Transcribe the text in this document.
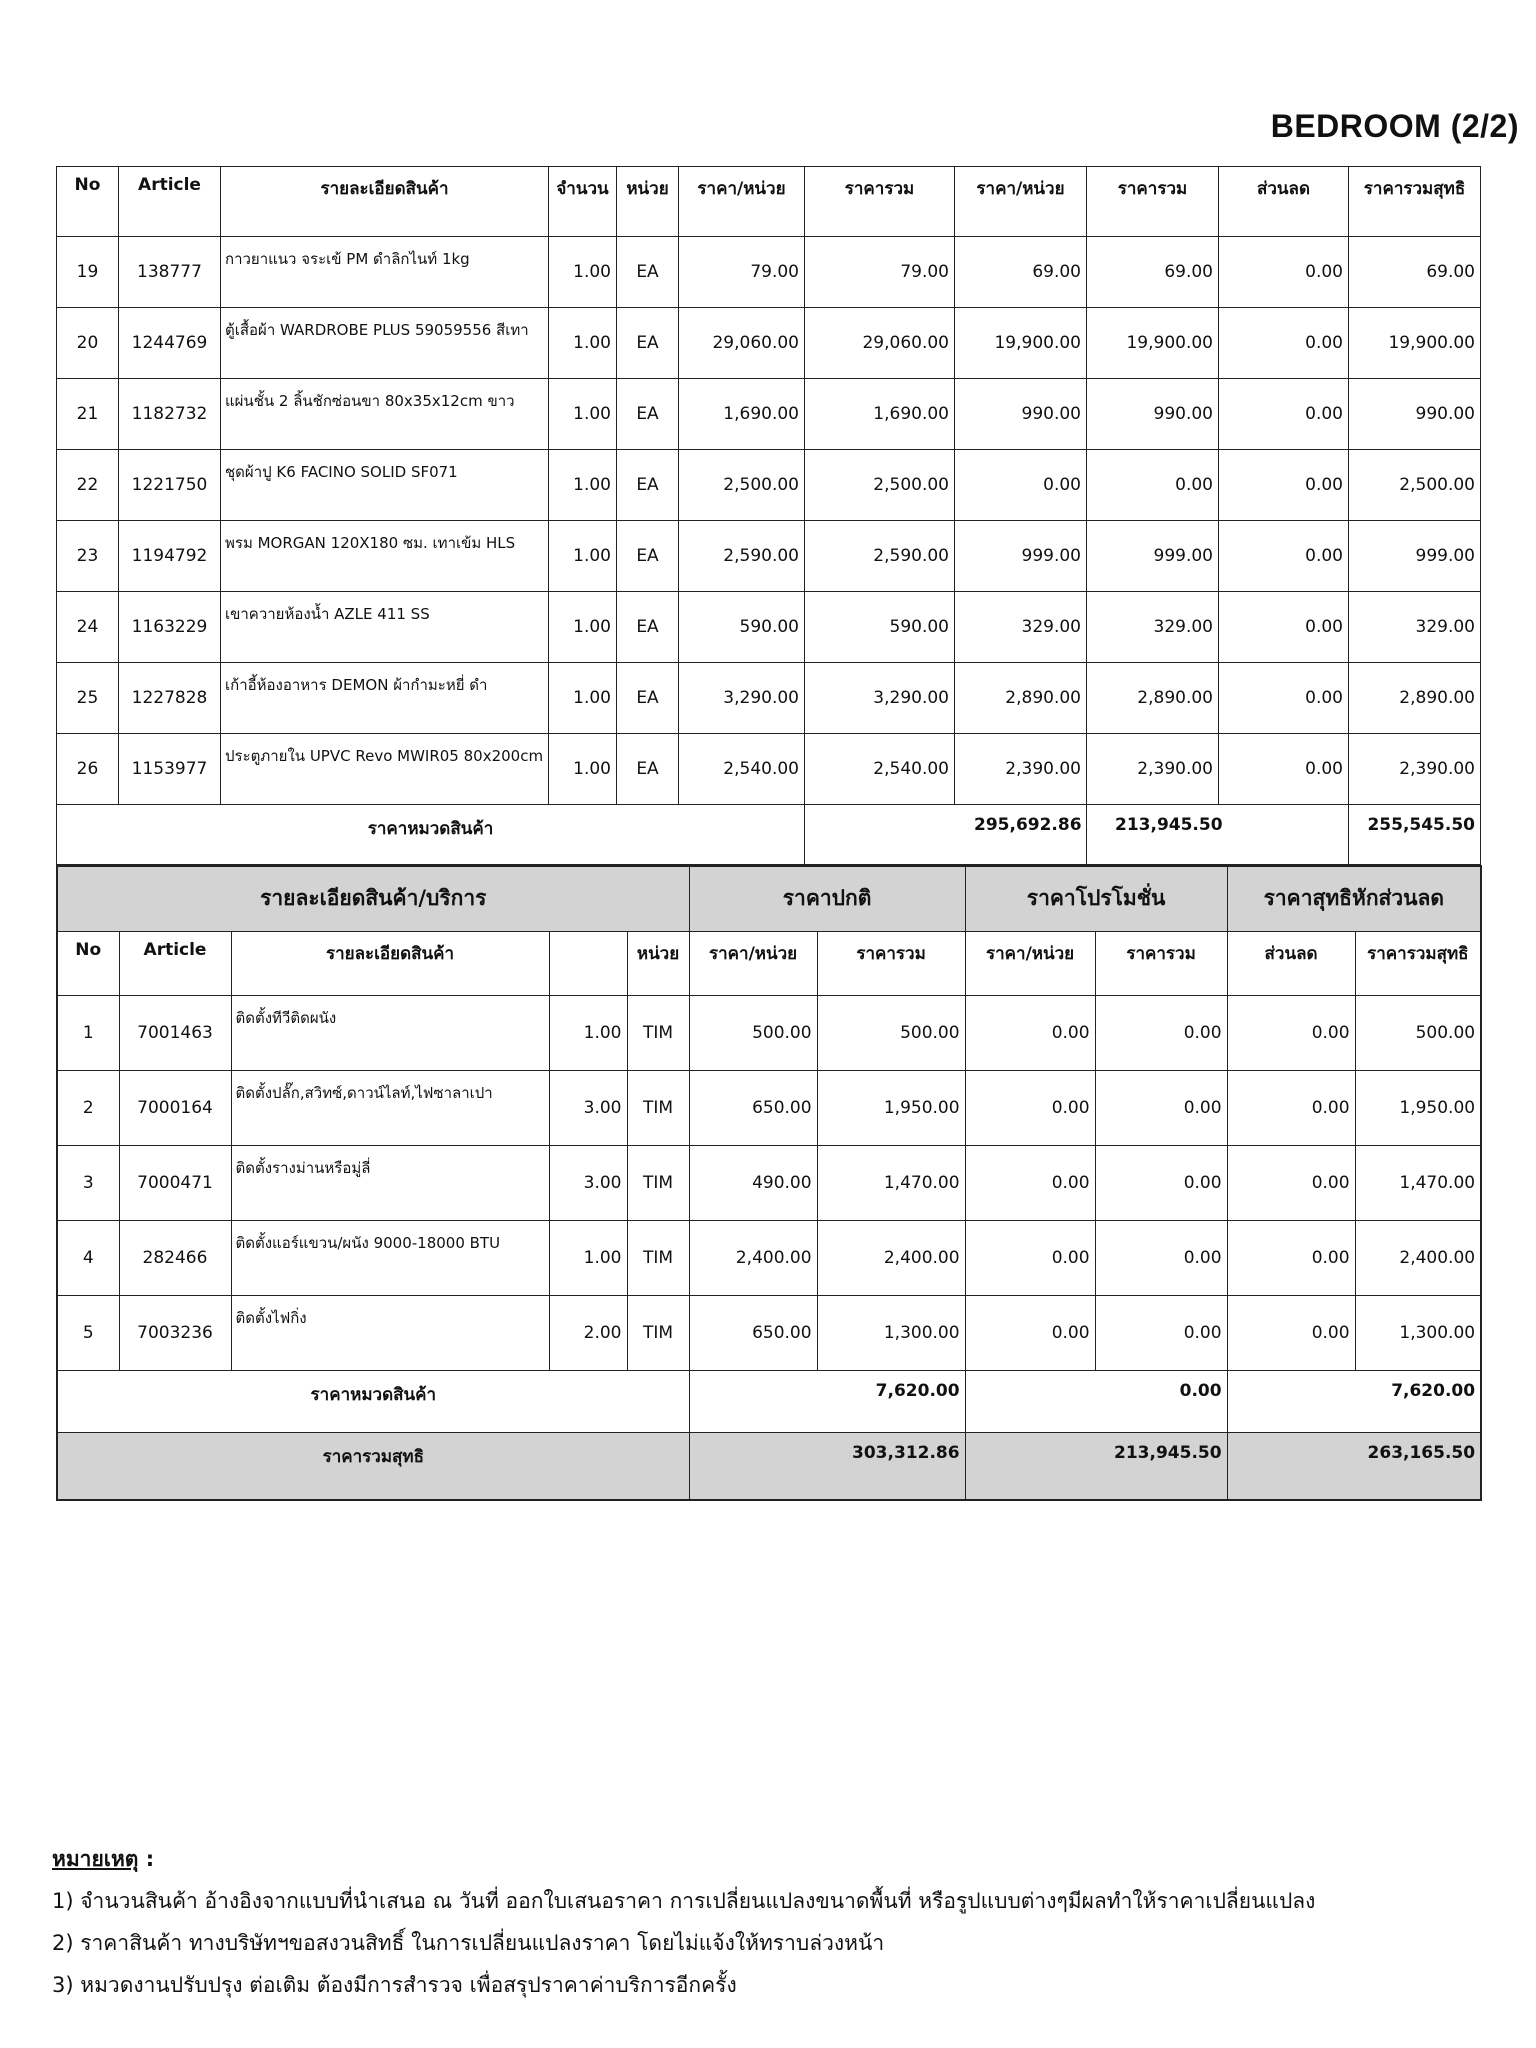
BEDROOM (2/2)
No	Article	รายละเอียดสินค้า	จำนวน	หน่วย	ราคา/หน่วย	ราคารวม	ราคา/หน่วย	ราคารวม	ส่วนลด	ราคารวมสุทธิ
19	138777	กาวยาแนว จระเข้ PM ดำลิกไนท์ 1kg	1.00	EA	79.00	79.00	69.00	69.00	0.00	69.00
20	1244769	ตู้เสื้อผ้า WARDROBE PLUS 59059556 สีเทา	1.00	EA	29,060.00	29,060.00	19,900.00	19,900.00	0.00	19,900.00
21	1182732	แผ่นชั้น 2 ลิ้นชักซ่อนขา 80x35x12cm ขาว	1.00	EA	1,690.00	1,690.00	990.00	990.00	0.00	990.00
22	1221750	ชุดผ้าปู K6 FACINO SOLID SF071	1.00	EA	2,500.00	2,500.00	0.00	0.00	0.00	2,500.00
23	1194792	พรม MORGAN 120X180 ซม. เทาเข้ม HLS	1.00	EA	2,590.00	2,590.00	999.00	999.00	0.00	999.00
24	1163229	เขาควายห้องน้ำ AZLE 411 SS	1.00	EA	590.00	590.00	329.00	329.00	0.00	329.00
25	1227828	เก้าอี้ห้องอาหาร DEMON ผ้ากำมะหยี่ ดำ	1.00	EA	3,290.00	3,290.00	2,890.00	2,890.00	0.00	2,890.00
26	1153977	ประตูภายใน UPVC Revo MWIR05 80x200cm	1.00	EA	2,540.00	2,540.00	2,390.00	2,390.00	0.00	2,390.00
ราคาหมวดสินค้า						295,692.86		213,945.50		255,545.50
รายละเอียดสินค้า/บริการ					ราคาปกติ		ราคาโปรโมชั่น		ราคาสุทธิหักส่วนลด	
No	Article	รายละเอียดสินค้า		หน่วย	ราคา/หน่วย	ราคารวม	ราคา/หน่วย	ราคารวม	ส่วนลด	ราคารวมสุทธิ
1	7001463	ติดตั้งทีวีติดผนัง	1.00	TIM	500.00	500.00	0.00	0.00	0.00	500.00
2	7000164	ติดตั้งปลั๊ก,สวิทซ์,ดาวน์ไลท์,ไฟซาลาเปา	3.00	TIM	650.00	1,950.00	0.00	0.00	0.00	1,950.00
3	7000471	ติดตั้งรางม่านหรือมู่ลี่	3.00	TIM	490.00	1,470.00	0.00	0.00	0.00	1,470.00
4	282466	ติดตั้งแอร์แขวน/ผนัง 9000-18000 BTU	1.00	TIM	2,400.00	2,400.00	0.00	0.00	0.00	2,400.00
5	7003236	ติดตั้งไฟกิ่ง	2.00	TIM	650.00	1,300.00	0.00	0.00	0.00	1,300.00
ราคาหมวดสินค้า					7,620.00		0.00		7,620.00	
ราคารวมสุทธิ					303,312.86		213,945.50		263,165.50	
หมายเหตุ :
1) จำนวนสินค้า อ้างอิงจากแบบที่นำเสนอ ณ วันที่ ออกใบเสนอราคา การเปลี่ยนแปลงขนาดพื้นที่ หรือรูปแบบต่างๆมีผลทำให้ราคาเปลี่ยนแปลง
2) ราคาสินค้า ทางบริษัทฯขอสงวนสิทธิ์ ในการเปลี่ยนแปลงราคา โดยไม่แจ้งให้ทราบล่วงหน้า
3) หมวดงานปรับปรุง ต่อเติม ต้องมีการสำรวจ เพื่อสรุปราคาค่าบริการอีกครั้ง
